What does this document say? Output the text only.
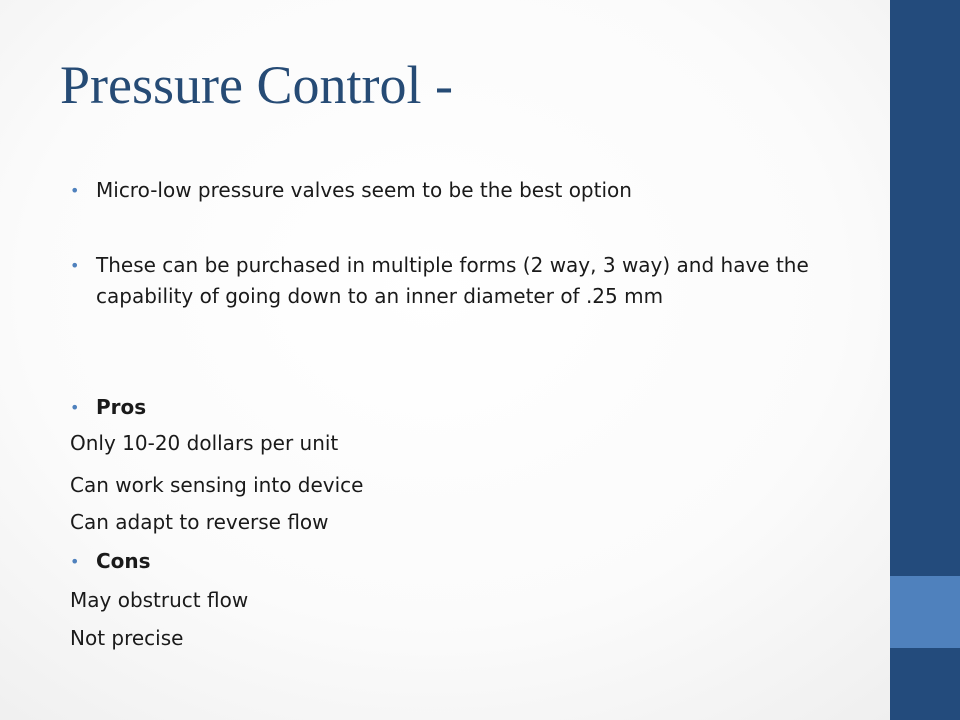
Pressure Control -
• Micro-low pressure valves seem to be the best option
• These can be purchased in multiple forms (2 way, 3 way) and have the capability of going down to an inner diameter of .25 mm
• Pros
Only 10-20 dollars per unit
Can work sensing into device
Can adapt to reverse flow
• Cons
May obstruct flow
Not precise
